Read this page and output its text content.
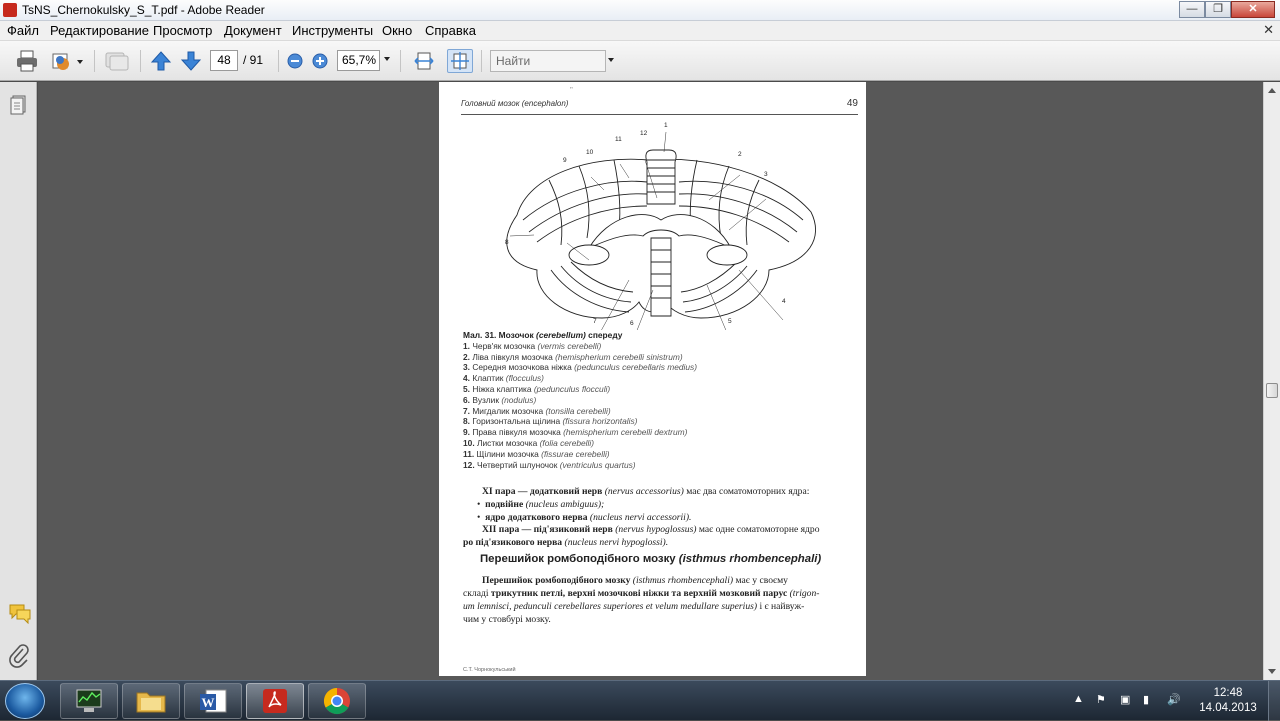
TsNS_Chernokulsky_S_T.pdf - Adobe Reader	—	❐	✕
Файл Редактирование Просмотр Документ Инструменты Окно Справка	✕
48	/ 91	65,7%	Найти
"
Головний мозок (encephalon)	49
1
2
3
4
5
6
7
8
9
10
11
12
Мал. 31. Мозочок (cerebellum) спереду
1. Черв'як мозочка (vermis cerebelli)
2. Ліва півкуля мозочка (hemispherium cerebelli sinistrum)
3. Середня мозочкова ніжка (pedunculus cerebellaris medius)
4. Клаптик (flocculus)
5. Ніжка клаптика (pedunculus flocculi)
6. Вузлик (nodulus)
7. Мигдалик мозочка (tonsilla cerebelli)
8. Горизонтальна щілина (fissura horizontalis)
9. Права півкуля мозочка (hemispherium cerebelli dextrum)
10. Листки мозочка (folia cerebelli)
11. Щілини мозочка (fissurae cerebelli)
12. Четвертий шлуночок (ventriculus quartus)
XI пара — додатковий нерв (nervus accessorius) має два соматомоторних ядра:
•  подвійне (nucleus ambiguus);
•  ядро додаткового нерва (nucleus nervi accessorii).
XII пара — під'язиковий нерв (nervus hypoglossus) має одне соматомоторне ядро
ро під'язикового нерва (nucleus nervi hypoglossi).
Перешийок ромбоподібного мозку (isthmus rhombencephali)
Перешийок ромбоподібного мозку (isthmus rhombencephali) має у своєму
складі трикутник петлі, верхні мозочкові ніжки та верхній мозковий парус (trigon-
um lemnisci, pedunculi cerebellares superiores et velum medullare superius) і є найвуж-
чим у стовбурі мозку.
С.Т. Чорнокульський
W	▲ ⚑ ▣ ▮ 🔊
12:48
14.04.2013
